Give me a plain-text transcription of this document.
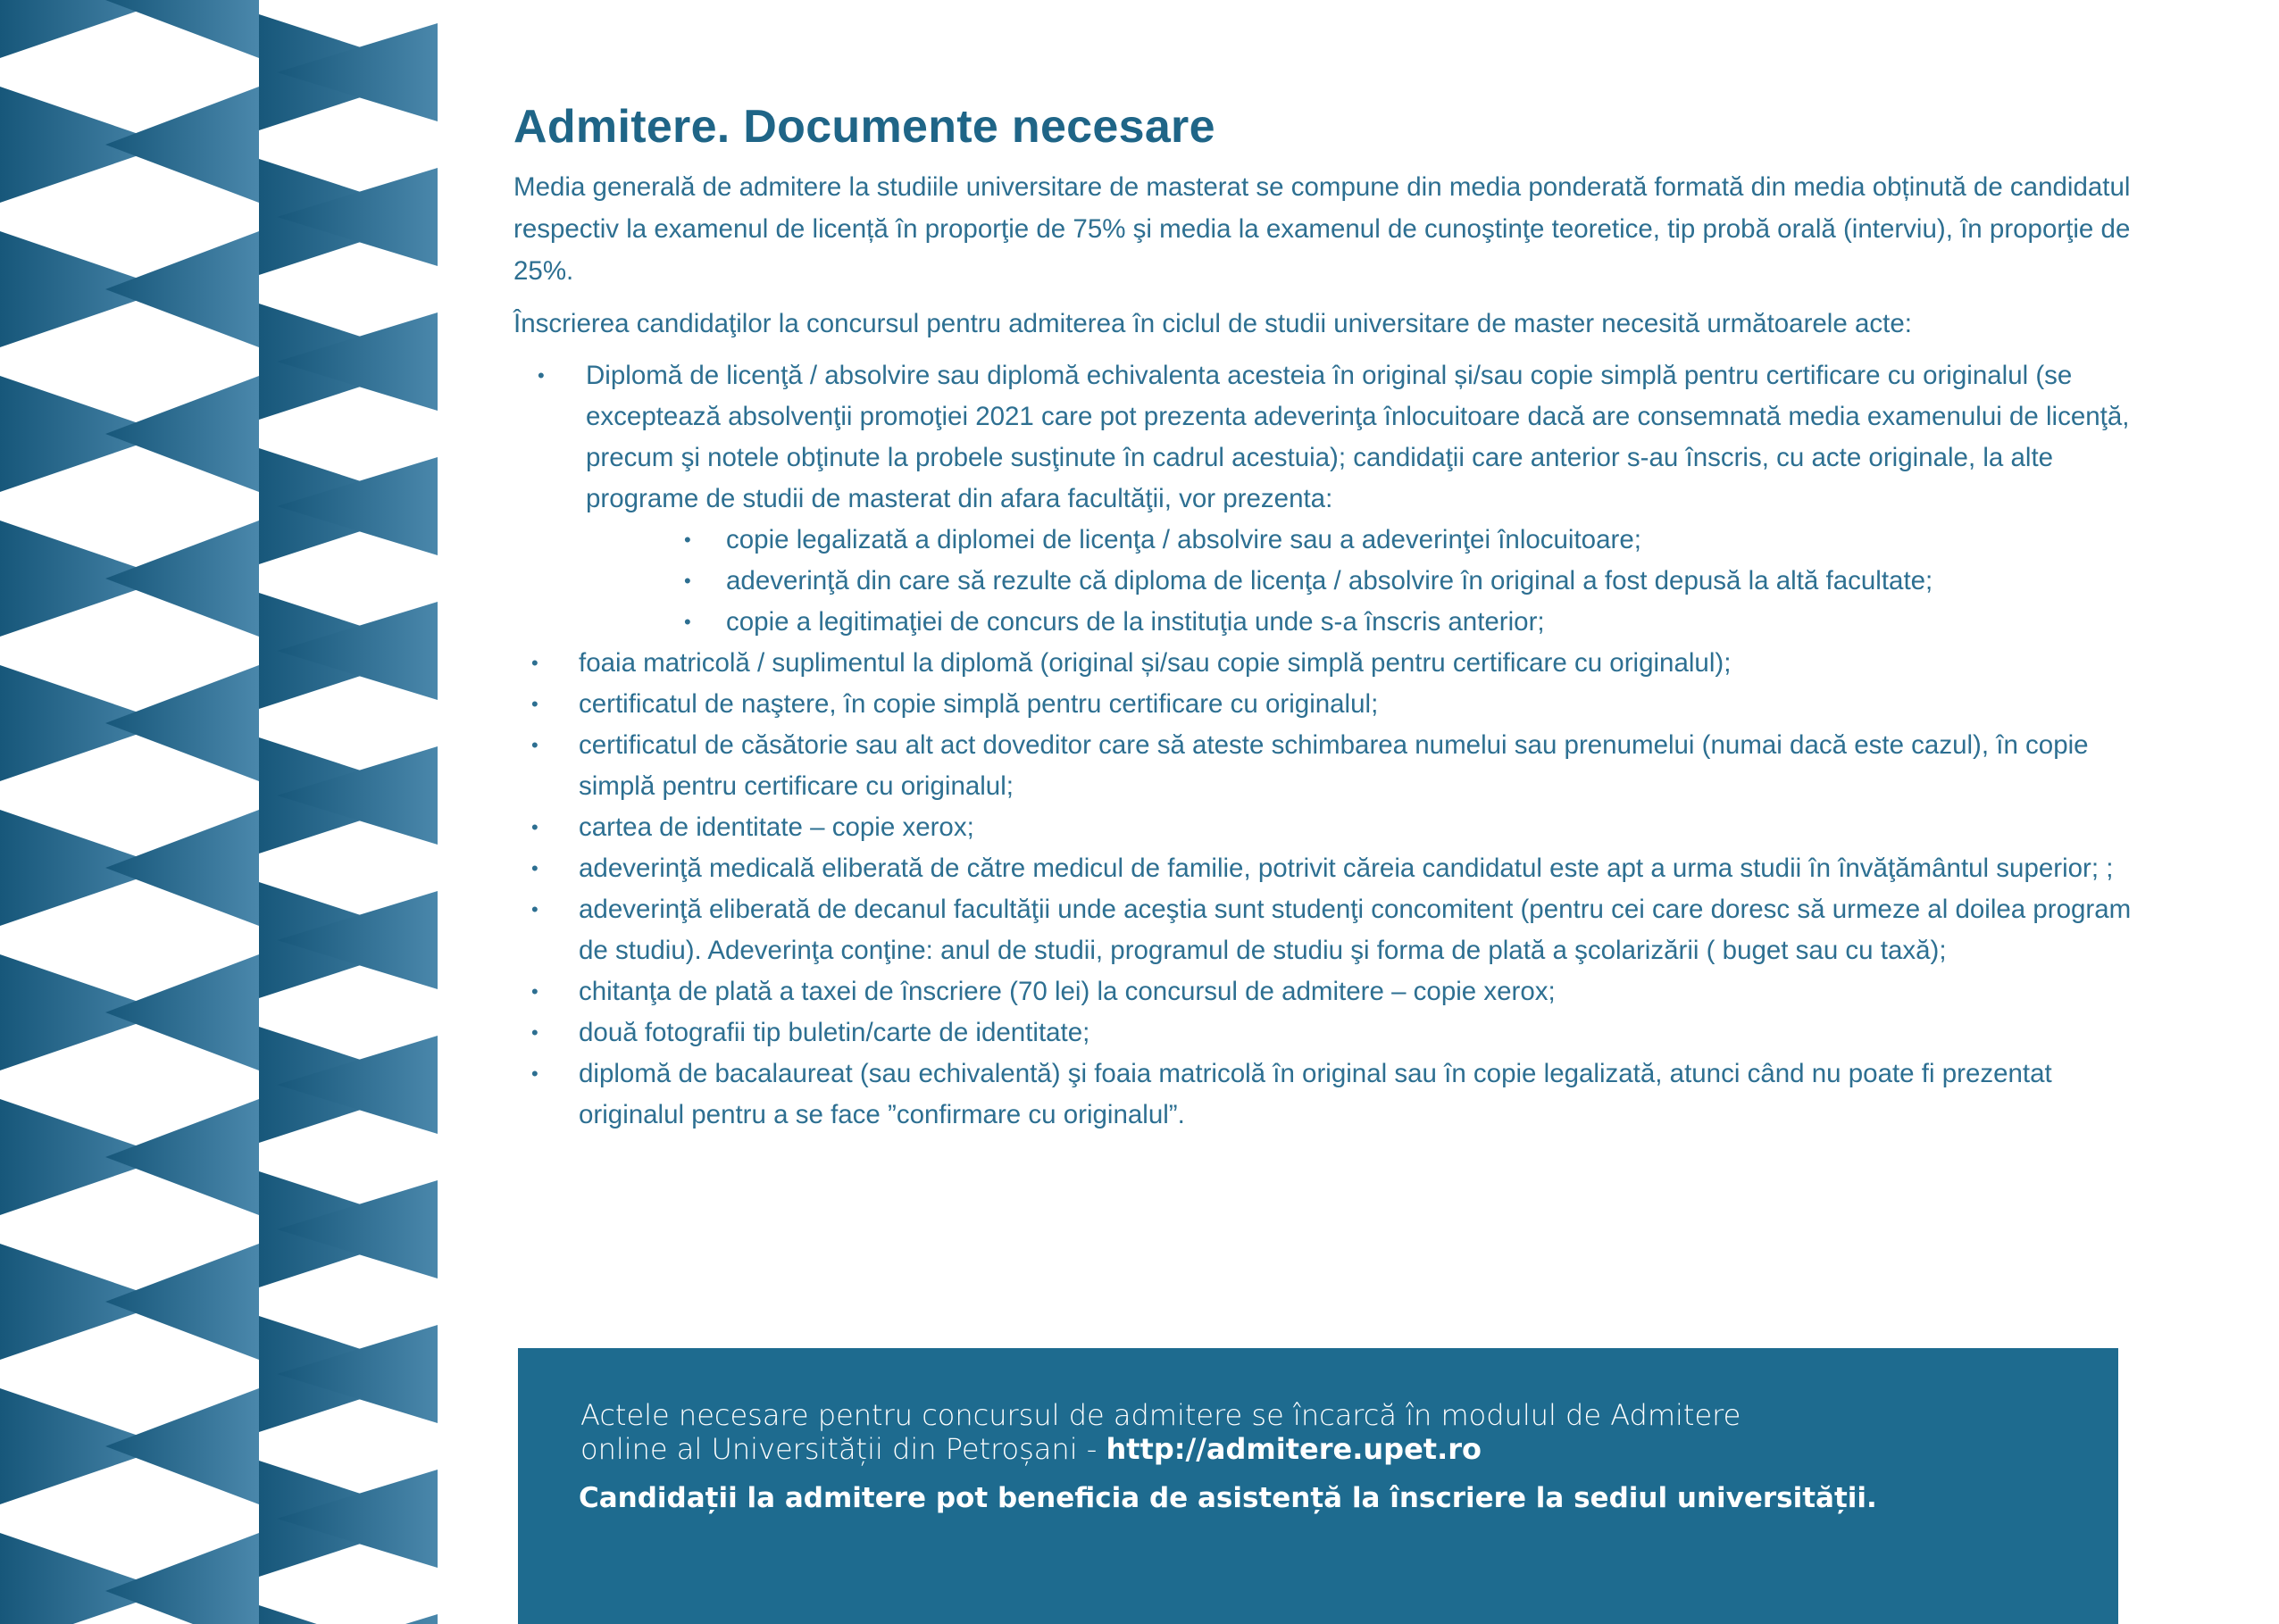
Admitere. Documente necesare

Media generală de admitere la studiile universitare de masterat se compune din media ponderată formată din media obținută de candidatul respectiv la examenul de licență în proporţie de 75% şi media la examenul de cunoştinţe teoretice, tip probă orală (interviu), în proporţie de 25%.

Înscrierea candidaţilor la concursul pentru admiterea în ciclul de studii universitare de master necesită următoarele acte:

• Diplomă de licenţă / absolvire sau diplomă echivalenta acesteia în original și/sau copie simplă pentru certificare cu originalul (se exceptează absolvenţii promoţiei 2021 care pot prezenta adeverinţa înlocuitoare dacă are consemnată media examenului de licenţă, precum şi notele obţinute la probele susţinute în cadrul acestuia); candidaţii care anterior s-au înscris, cu acte originale, la alte programe de studii de masterat din afara facultăţii, vor prezenta:
• copie legalizată a diplomei de licenţa / absolvire sau a adeverinţei înlocuitoare;
• adeverinţă din care să rezulte că diploma de licenţa / absolvire în original a fost depusă la altă facultate;
• copie a legitimaţiei de concurs de la instituţia unde s-a înscris anterior;
• foaia matricolă / suplimentul la diplomă (original și/sau copie simplă pentru certificare cu originalul);
• certificatul de naştere, în copie simplă pentru certificare cu originalul;
• certificatul de căsătorie sau alt act doveditor care să ateste schimbarea numelui sau prenumelui (numai dacă este cazul), în copie simplă pentru certificare cu originalul;
• cartea de identitate – copie xerox;
• adeverinţă medicală eliberată de către medicul de familie, potrivit căreia candidatul este apt a urma studii în învăţământul superior; ;
• adeverinţă eliberată de decanul facultăţii unde aceştia sunt studenţi concomitent (pentru cei care doresc să urmeze al doilea program de studiu). Adeverinţa conţine: anul de studii, programul de studiu şi forma de plată a şcolarizării ( buget sau cu taxă);
• chitanţa de plată a taxei de înscriere (70 lei) la concursul de admitere – copie xerox;
• două fotografii tip buletin/carte de identitate;
• diplomă de bacalaureat (sau echivalentă) şi foaia matricolă în original sau în copie legalizată, atunci când nu poate fi prezentat originalul pentru a se face ”confirmare cu originalul”.
Actele necesare pentru concursul de admitere se încarcă în modulul de Admitere
online al Universității din Petroșani - http://admitere.upet.ro
Candidații la admitere pot beneficia de asistență la înscriere la sediul universității.
